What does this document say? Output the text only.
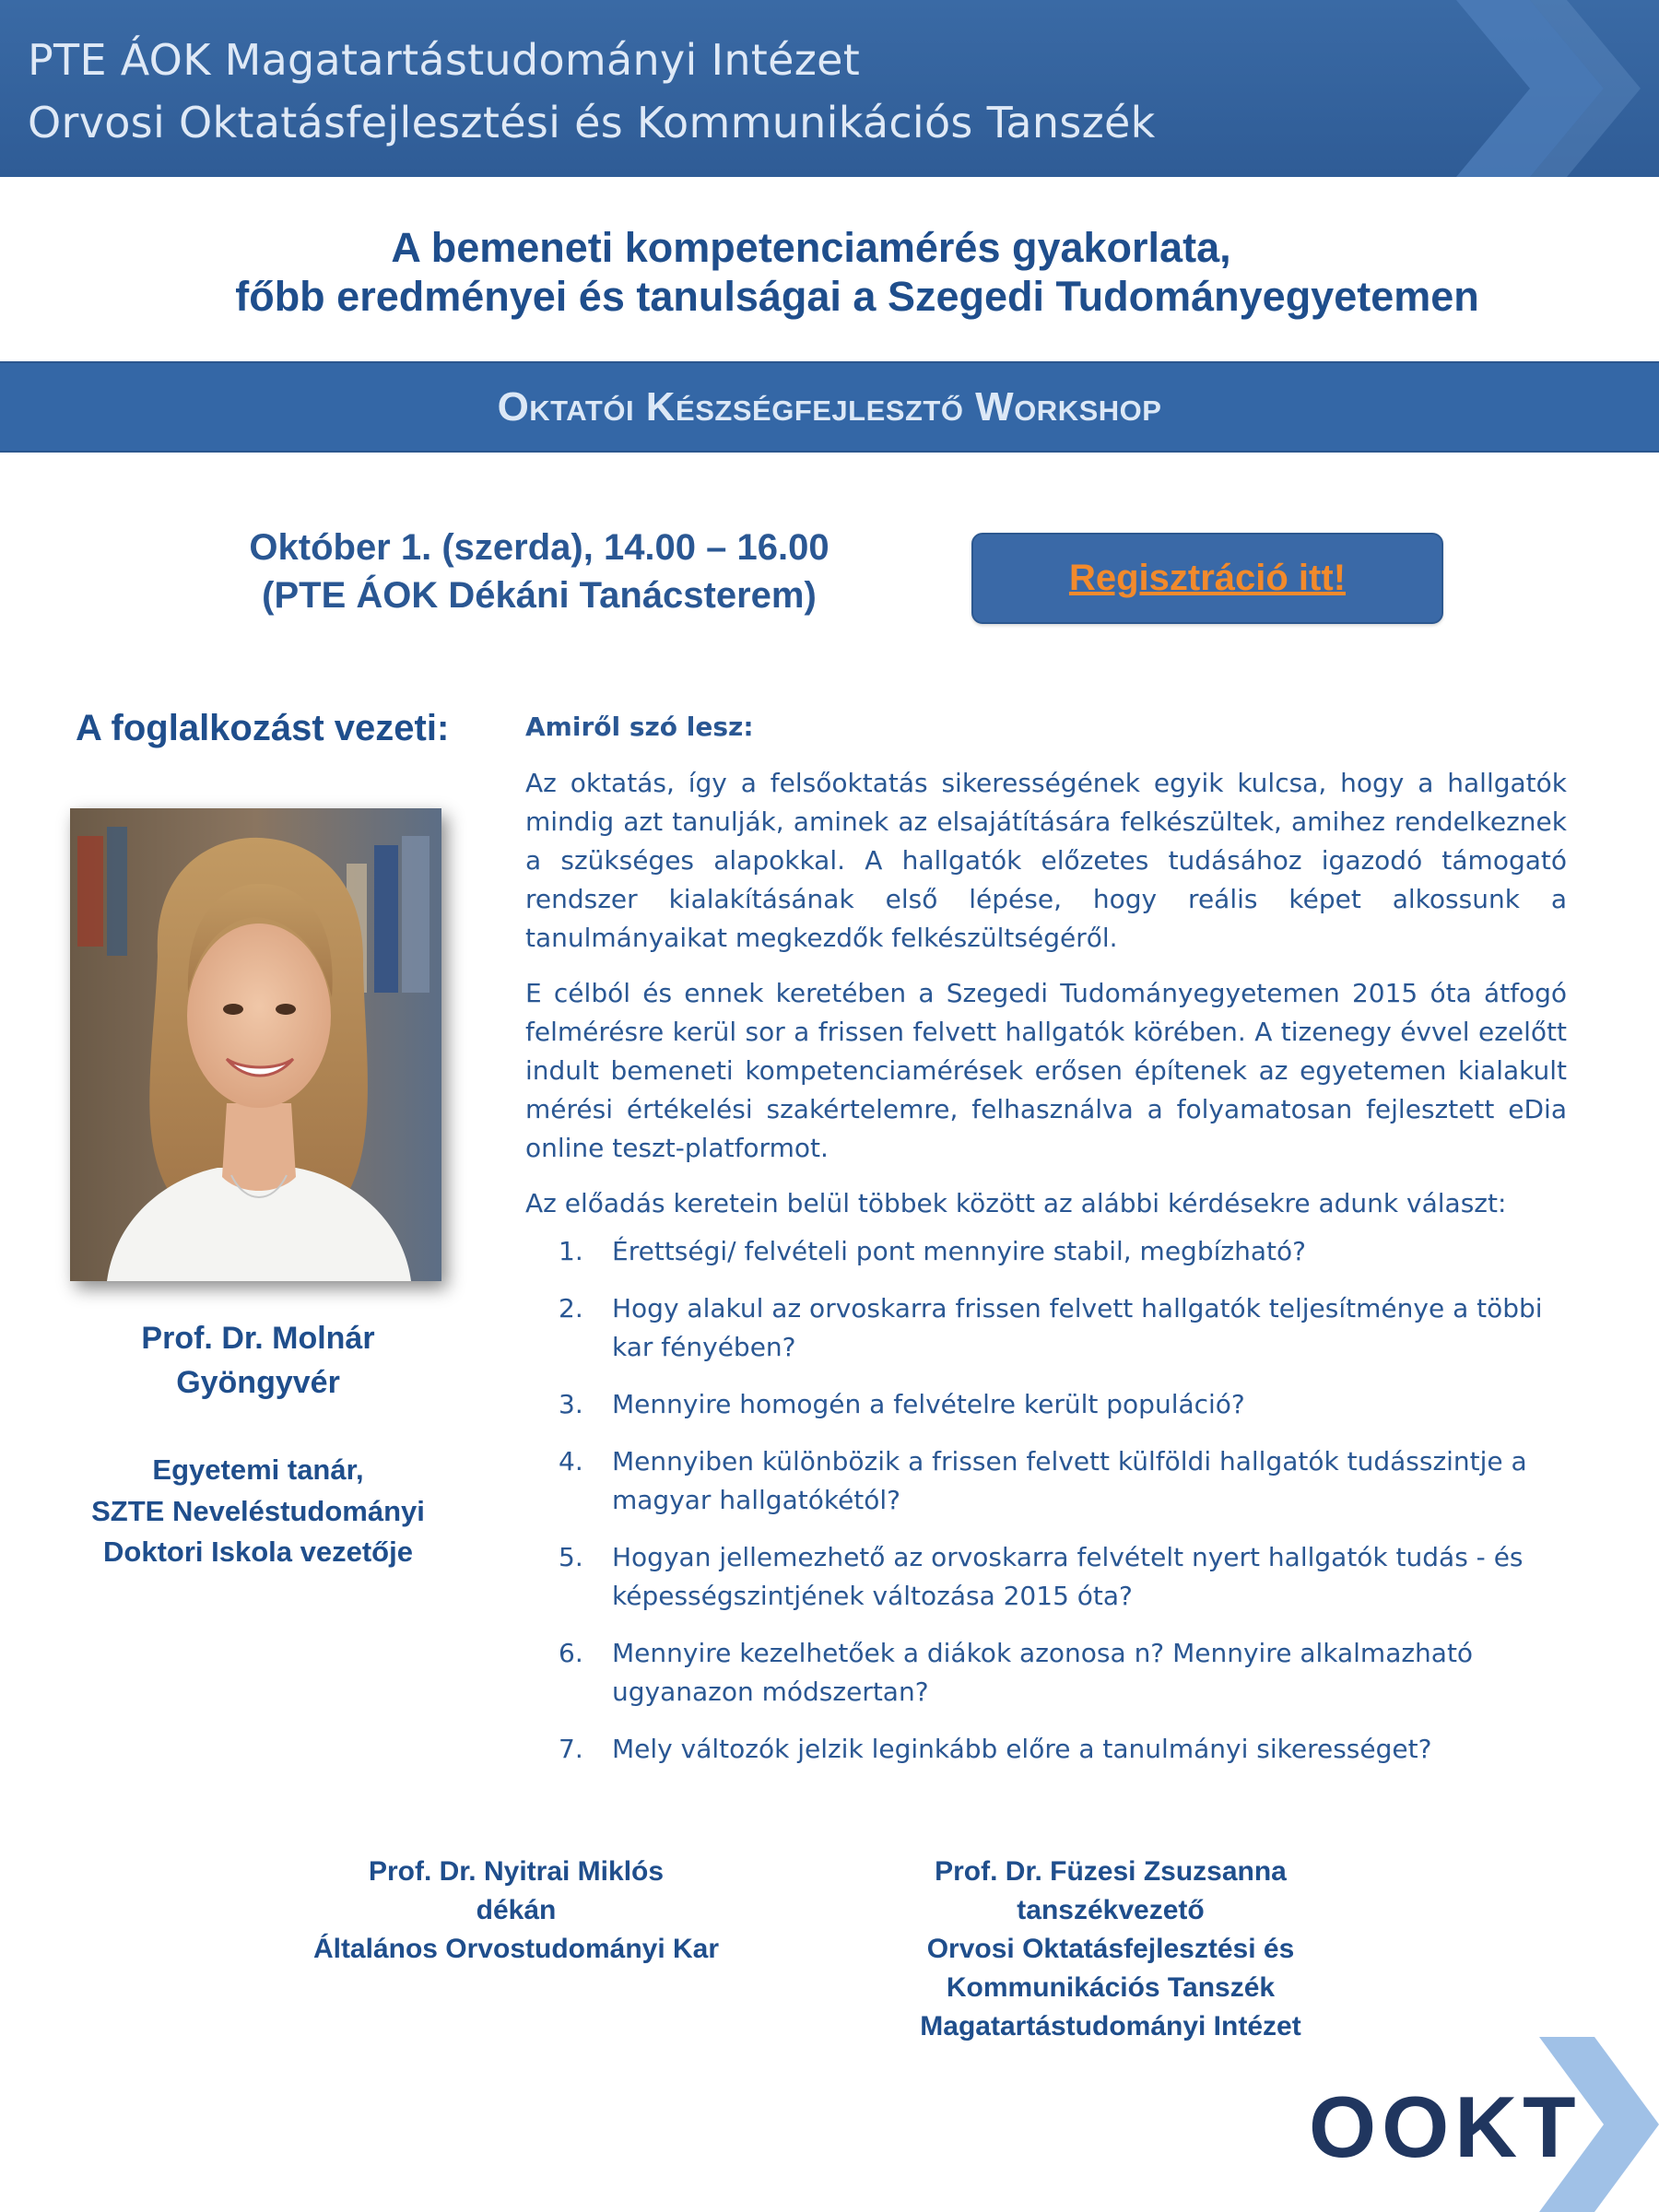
PTE ÁOK Magatartástudományi Intézet
Orvosi Oktatásfejlesztési és Kommunikációs Tanszék
A bemeneti kompetenciamérés gyakorlata,
főbb eredményei és tanulságai a Szegedi Tudományegyetemen
Oktatói Készségfejlesztő Workshop
Október 1. (szerda), 14.00 – 16.00
(PTE ÁOK Dékáni Tanácsterem)	Regisztráció itt!
A foglalkozást vezeti:
Prof. Dr. Molnár
Gyöngyvér
Egyetemi tanár,
SZTE Neveléstudományi
Doktori Iskola vezetője
Amiről szó lesz:

Az oktatás, így a felsőoktatás sikerességének egyik kulcsa, hogy a hallgatók mindig azt tanulják, aminek az elsajátítására felkészültek, amihez rendelkeznek a szükséges alapokkal. A hallgatók előzetes tudásához igazodó támogató rendszer kialakításának első lépése, hogy reális képet alkossunk a tanulmányaikat megkezdők felkészültségéről.

E célból és ennek keretében a Szegedi Tudományegyetemen 2015 óta átfogó felmérésre kerül sor a frissen felvett hallgatók körében. A tizenegy évvel ezelőtt indult bemeneti kompetenciamérések erősen építenek az egyetemen kialakult mérési értékelési szakértelemre, felhasználva a folyamatosan fejlesztett eDia online teszt-platformot.

Az előadás keretein belül többek között az alábbi kérdésekre adunk választ:

1. Érettségi/ felvételi pont mennyire stabil, megbízható?
2. Hogy alakul az orvoskarra frissen felvett hallgatók teljesítménye a többi kar fényében?
3. Mennyire homogén a felvételre került populáció?
4. Mennyiben különbözik a frissen felvett külföldi hallgatók tudásszintje a magyar hallgatókétól?
5. Hogyan jellemezhető az orvoskarra felvételt nyert hallgatók tudás - és képességszintjének változása 2015 óta?
6. Mennyire kezelhetőek a diákok azonosa n? Mennyire alkalmazható ugyanazon módszertan?
7. Mely változók jelzik leginkább előre a tanulmányi sikerességet?
Prof. Dr. Nyitrai Miklós
dékán
Általános Orvostudományi Kar
Prof. Dr. Füzesi Zsuzsanna
tanszékvezető
Orvosi Oktatásfejlesztési és
Kommunikációs Tanszék
Magatartástudományi Intézet
OOKT
